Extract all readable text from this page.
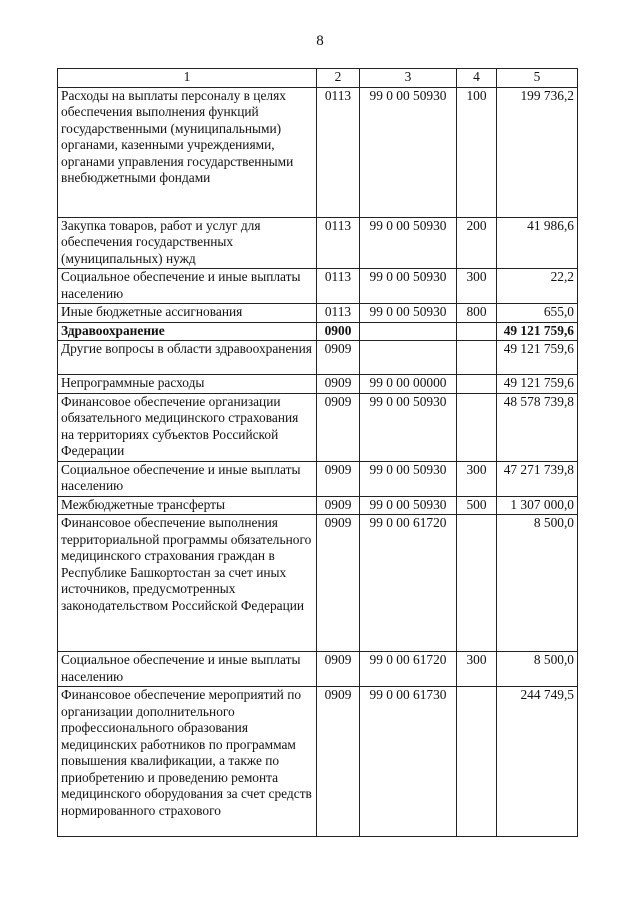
8
1	2	3	4	5
Расходы на выплаты персоналу в целях обеспечения выполнения функций государственными (муниципальными) органами, казенными учреждениями, органами управления государственными внебюджетными фондами	0113	99 0 00 50930	100	199 736,2
Закупка товаров, работ и услуг для обеспечения государственных (муниципальных) нужд	0113	99 0 00 50930	200	41 986,6
Социальное обеспечение и иные выплаты населению	0113	99 0 00 50930	300	22,2
Иные бюджетные ассигнования	0113	99 0 00 50930	800	655,0
Здравоохранение	0900			49 121 759,6
Другие вопросы в области здравоохранения	0909			49 121 759,6
Непрограммные расходы	0909	99 0 00 00000		49 121 759,6
Финансовое обеспечение организации обязательного медицинского страхования на территориях субъектов Российской Федерации	0909	99 0 00 50930		48 578 739,8
Социальное обеспечение и иные выплаты населению	0909	99 0 00 50930	300	47 271 739,8
Межбюджетные трансферты	0909	99 0 00 50930	500	1 307 000,0
Финансовое обеспечение выполнения территориальной программы обязательного медицинского страхования граждан в Республике Башкортостан за счет иных источников, предусмотренных законодательством Российской Федерации	0909	99 0 00 61720		8 500,0
Социальное обеспечение и иные выплаты населению	0909	99 0 00 61720	300	8 500,0
Финансовое обеспечение мероприятий по организации дополнительного профессионального образования медицинских работников по программам повышения квалификации, а также по приобретению и проведению ремонта медицинского оборудования за счет средств нормированного страхового	0909	99 0 00 61730		244 749,5
